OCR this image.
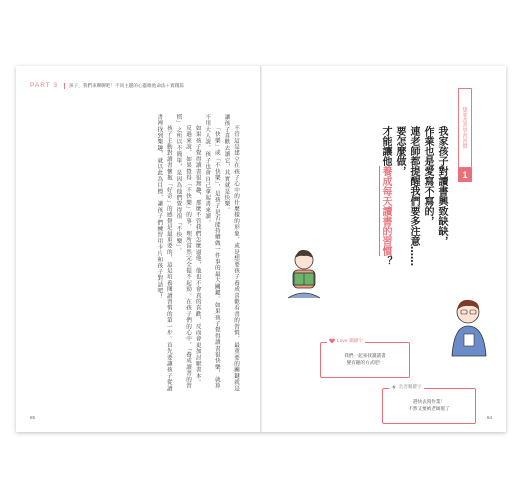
PART 3	孩子，我們來聊聊吧！不同主題的心靈維他命法＋實踐篇

不管這是建立在孩子心中的什麼樣的形象，或是想要孩子養成喜歡看書的習慣，最重要的關鍵就是讓孩子喜歡去讀它，其實就是快樂。

「快樂」或「不快樂」，是孩子是否能持續做一件事的最大關鍵。如果孩子覺得讀書很快樂，就算不用大人說，孩子也會自己拿起書來讀。

如果孩子覺得讀書很無趣，那麼不管我們怎麼逼他，他也不會真的喜歡，反而會更加討厭書本。

反過來說，如果覺得「不快樂」的事，理所當然完全提不起勁。在孩子們的心中，「養成讀書的習慣」之所以不簡單，是因為他們覺得很「不快樂」。

孩子主動對讀書懷抱「好奇」的感覺是最重要的，這是培養閱讀習慣的第一步。首先要讓孩子從讀書裡找到樂趣，就以此為目標，讓孩子們練習用卡片和孩子對話吧！

65
想要改善學習習慣
1
我家孩子對讀書興致缺缺，
作業也是愛寫不寫的，
連老師都提醒我們要多注意……
要怎麼做，
才能讓他養成每天讀書的習慣？
Love 關鍵字
我們一起來找讀讀書
變有趣的方式吧！
危害關鍵字
趕快去寫作業！
不然又要被老師罵了
64
